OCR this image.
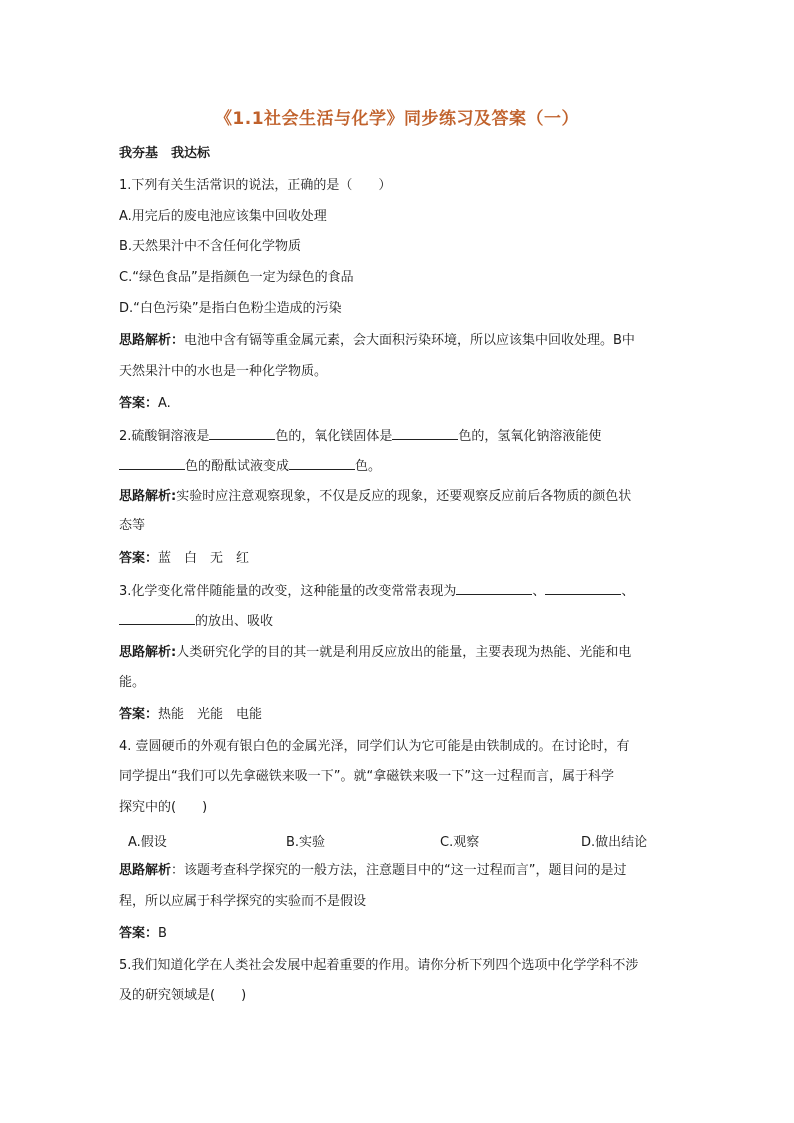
《1.1社会生活与化学》同步练习及答案（一）
我夯基　我达标
1.下列有关生活常识的说法，正确的是（　　）
A.用完后的废电池应该集中回收处理
B.天然果汁中不含任何化学物质
C.“绿色食品”是指颜色一定为绿色的食品
D.“白色污染”是指白色粉尘造成的污染
思路解析：电池中含有镉等重金属元素，会大面积污染环境，所以应该集中回收处理。B中
天然果汁中的水也是一种化学物质。
答案：A.
2.硫酸铜溶液是	色的，氧化镁固体是	色的，氢氧化钠溶液能使
色的酚酞试液变成	色。
思路解析:实验时应注意观察现象，不仅是反应的现象，还要观察反应前后各物质的颜色状
态等
答案：蓝　白　无　红
3.化学变化常伴随能量的改变，这种能量的改变常常表现为	、	、
的放出、吸收
思路解析:人类研究化学的目的其一就是利用反应放出的能量，主要表现为热能、光能和电
能。
答案：热能　光能　电能
4. 壹圆硬币的外观有银白色的金属光泽，同学们认为它可能是由铁制成的。在讨论时，有
同学提出“我们可以先拿磁铁来吸一下”。就“拿磁铁来吸一下”这一过程而言，属于科学
探究中的(　　)
A.假设	B.实验	C.观察	D.做出结论
思路解析：该题考查科学探究的一般方法，注意题目中的“这一过程而言”，题目问的是过
程，所以应属于科学探究的实验而不是假设
答案：B
5.我们知道化学在人类社会发展中起着重要的作用。请你分析下列四个选项中化学学科不涉
及的研究领域是(　　)
